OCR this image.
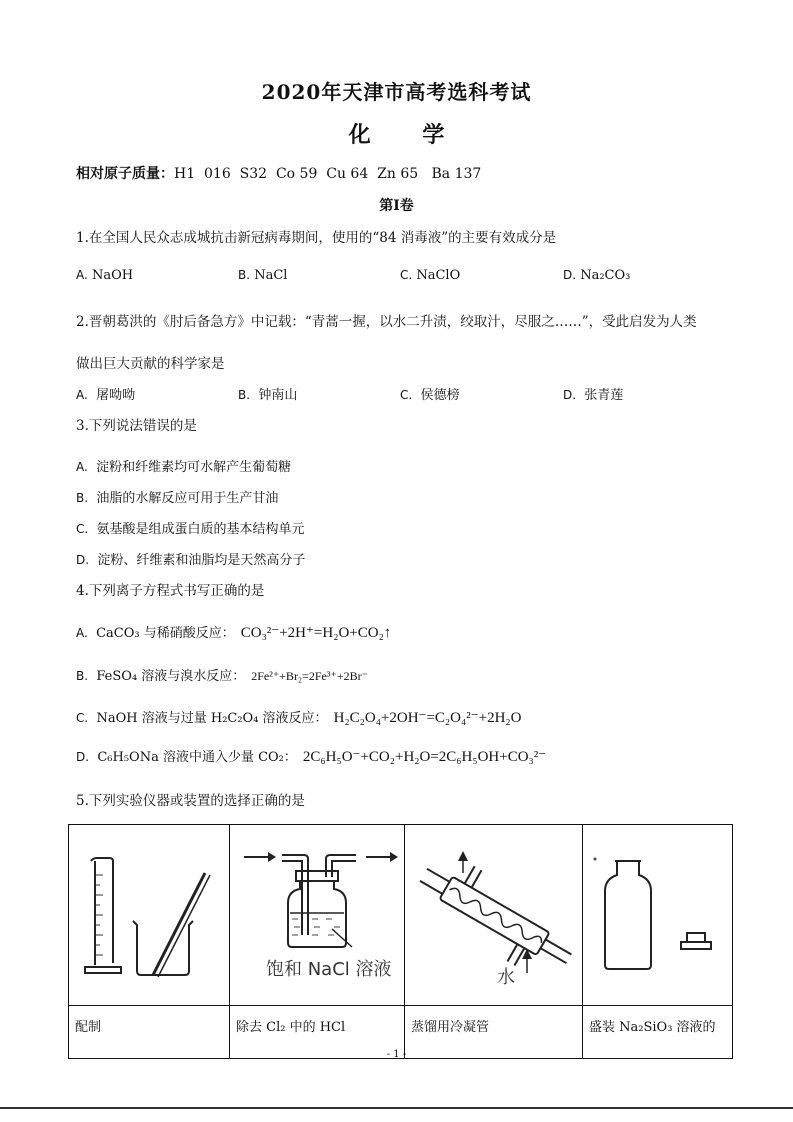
2020年天津市高考选科考试
化 学
相对原子质量：H1  016  S32  Co 59  Cu 64  Zn 65   Ba 137
第Ⅰ卷
1.在全国人民众志成城抗击新冠病毒期间，使用的“84 消毒液”的主要有效成分是
A. NaOH	B. NaCl	C. NaClO	D. Na₂CO₃
2.晋朝葛洪的《肘后备急方》中记载：“青蒿一握，以水二升渍，绞取汁，尽服之……”，受此启发为人类
做出巨大贡献的科学家是
A. 屠呦呦	B. 钟南山	C. 侯德榜	D. 张青莲
3.下列说法错误的是
A. 淀粉和纤维素均可水解产生葡萄糖
B. 油脂的水解反应可用于生产甘油
C. 氨基酸是组成蛋白质的基本结构单元
D. 淀粉、纤维素和油脂均是天然高分子
4.下列离子方程式书写正确的是
A. CaCO₃ 与稀硝酸反应： CO₃²⁻+2H⁺=H₂O+CO₂↑
B. FeSO₄ 溶液与溴水反应： 2Fe²⁺+Br₂=2Fe³⁺+2Br⁻
C. NaOH 溶液与过量 H₂C₂O₄ 溶液反应： H₂C₂O₄+2OH⁻=C₂O₄²⁻+2H₂O
D. C₆H₅ONa 溶液中通入少量 CO₂： 2C₆H₅O⁻+CO₂+H₂O=2C₆H₅OH+CO₃²⁻
5.下列实验仪器或装置的选择正确的是

饱和 NaCl 溶液	水

配制	除去 Cl₂ 中的 HCl	蒸馏用冷凝管	盛装 Na₂SiO₃ 溶液的
- 1 -
